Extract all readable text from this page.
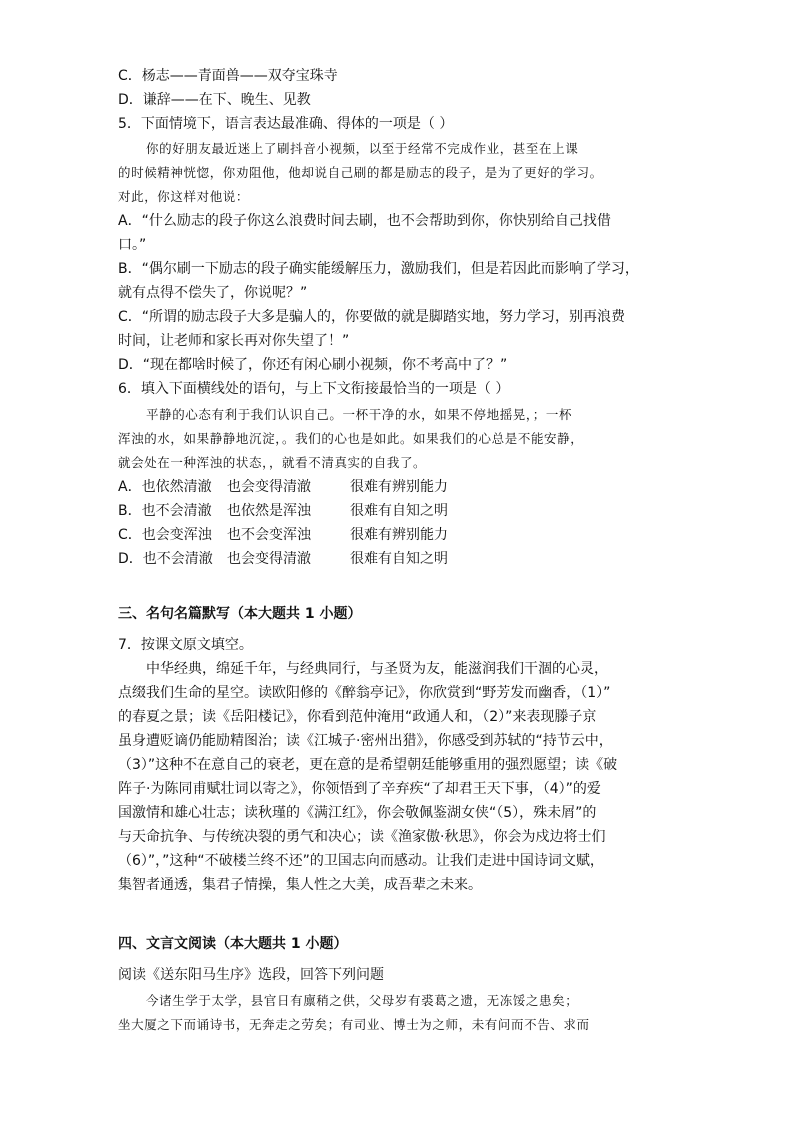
C．杨志——青面兽——双夺宝珠寺
D．谦辞——在下、晚生、见教
5．下面情境下，语言表达最准确、得体的一项是（ ）
你的好朋友最近迷上了刷抖音小视频，以至于经常不完成作业，甚至在上课
的时候精神恍惚，你劝阻他，他却说自己刷的都是励志的段子，是为了更好的学习。
对此，你这样对他说：
A．“什么励志的段子你这么浪费时间去刷，也不会帮助到你，你快别给自己找借
口。”
B．“偶尔刷一下励志的段子确实能缓解压力，激励我们，但是若因此而影响了学习，
就有点得不偿失了，你说呢？”
C．“所谓的励志段子大多是骗人的，你要做的就是脚踏实地，努力学习，别再浪费
时间，让老师和家长再对你失望了！”
D．“现在都啥时候了，你还有闲心刷小视频，你不考高中了？”
6．填入下面横线处的语句，与上下文衔接最恰当的一项是（ ）
平静的心态有利于我们认识自己。一杯干净的水，如果不停地摇晃，；一杯
浑浊的水，如果静静地沉淀，。我们的心也是如此。如果我们的心总是不能安静，
就会处在一种浑浊的状态，，就看不清真实的自我了。
A．也依然清澈 也会变得清澈	很难有辨别能力
B．也不会清澈 也依然是浑浊	很难有自知之明
C．也会变浑浊 也不会变浑浊	很难有辨别能力
D．也不会清澈 也会变得清澈	很难有自知之明
三、名句名篇默写（本大题共 1 小题）
7．按课文原文填空。
中华经典，绵延千年，与经典同行，与圣贤为友，能滋润我们干涸的心灵，
点缀我们生命的星空。读欧阳修的《醉翁亭记》，你欣赏到“野芳发而幽香，（1）”
的春夏之景；读《岳阳楼记》，你看到范仲淹用“政通人和，（2）”来表现滕子京
虽身遭贬谪仍能励精图治；读《江城子·密州出猎》，你感受到苏轼的“持节云中，
（3）”这种不在意自己的衰老，更在意的是希望朝廷能够重用的强烈愿望；读《破
阵子·为陈同甫赋壮词以寄之》，你领悟到了辛弃疾“了却君王天下事，（4）”的爱
国激情和雄心壮志；读秋瑾的《满江红》，你会敬佩鉴湖女侠“（5），殊未屑”的
与天命抗争、与传统决裂的勇气和决心；读《渔家傲·秋思》，你会为戍边将士们
（6）”，”这种“不破楼兰终不还”的卫国志向而感动。让我们走进中国诗词文赋，
集智者通透，集君子情操，集人性之大美，成吾辈之未来。
四、文言文阅读（本大题共 1 小题）
阅读《送东阳马生序》选段，回答下列问题
今诸生学于太学，县官日有廪稍之供，父母岁有裘葛之遗，无冻馁之患矣；
坐大厦之下而诵诗书，无奔走之劳矣；有司业、博士为之师，未有问而不告、求而
